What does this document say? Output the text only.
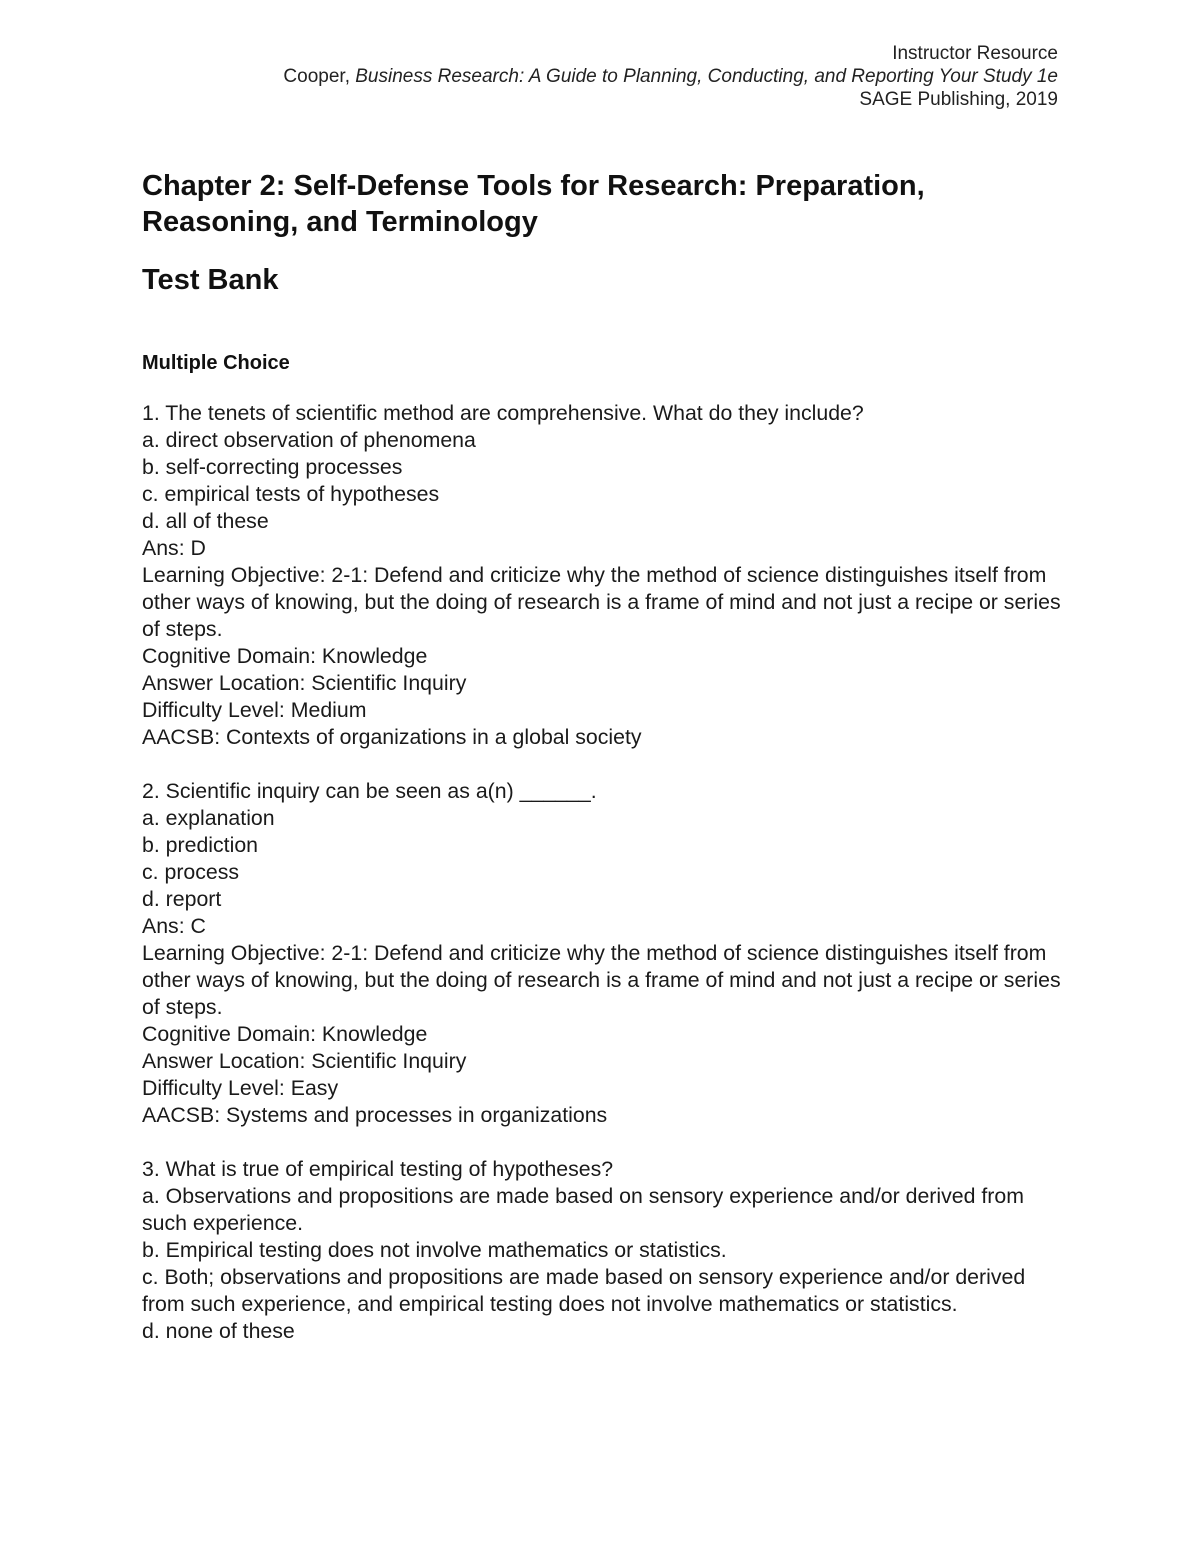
Instructor Resource
Cooper, Business Research: A Guide to Planning, Conducting, and Reporting Your Study 1e
SAGE Publishing, 2019
Chapter 2: Self-Defense Tools for Research: Preparation, Reasoning, and Terminology
Test Bank
Multiple Choice
1. The tenets of scientific method are comprehensive. What do they include?
a. direct observation of phenomena
b. self-correcting processes
c. empirical tests of hypotheses
d. all of these
Ans: D
Learning Objective: 2-1: Defend and criticize why the method of science distinguishes itself from other ways of knowing, but the doing of research is a frame of mind and not just a recipe or series of steps.
Cognitive Domain: Knowledge
Answer Location: Scientific Inquiry
Difficulty Level: Medium
AACSB: Contexts of organizations in a global society
2. Scientific inquiry can be seen as a(n) ______.
a. explanation
b. prediction
c. process
d. report
Ans: C
Learning Objective: 2-1: Defend and criticize why the method of science distinguishes itself from other ways of knowing, but the doing of research is a frame of mind and not just a recipe or series of steps.
Cognitive Domain: Knowledge
Answer Location: Scientific Inquiry
Difficulty Level: Easy
AACSB: Systems and processes in organizations
3. What is true of empirical testing of hypotheses?
a. Observations and propositions are made based on sensory experience and/or derived from such experience.
b. Empirical testing does not involve mathematics or statistics.
c. Both; observations and propositions are made based on sensory experience and/or derived from such experience, and empirical testing does not involve mathematics or statistics.
d. none of these
